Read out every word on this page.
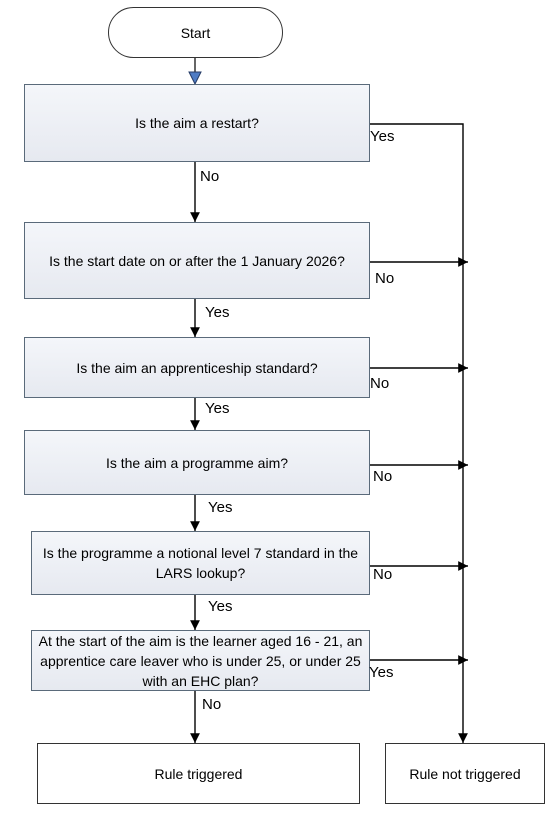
Start
Is the aim a restart?
Is the start date on or after the 1 January 2026?
Is the aim an apprenticeship standard?
Is the aim a programme aim?
Is the programme a notional level 7 standard in the LARS lookup?
At the start of the aim is the learner aged 16 - 21, an apprentice care leaver who is under 25, or under 25 with an EHC plan?
Rule triggered	Rule not triggered
No
Yes
Yes
Yes
Yes
No
Yes
No
No
No
No
Yes
